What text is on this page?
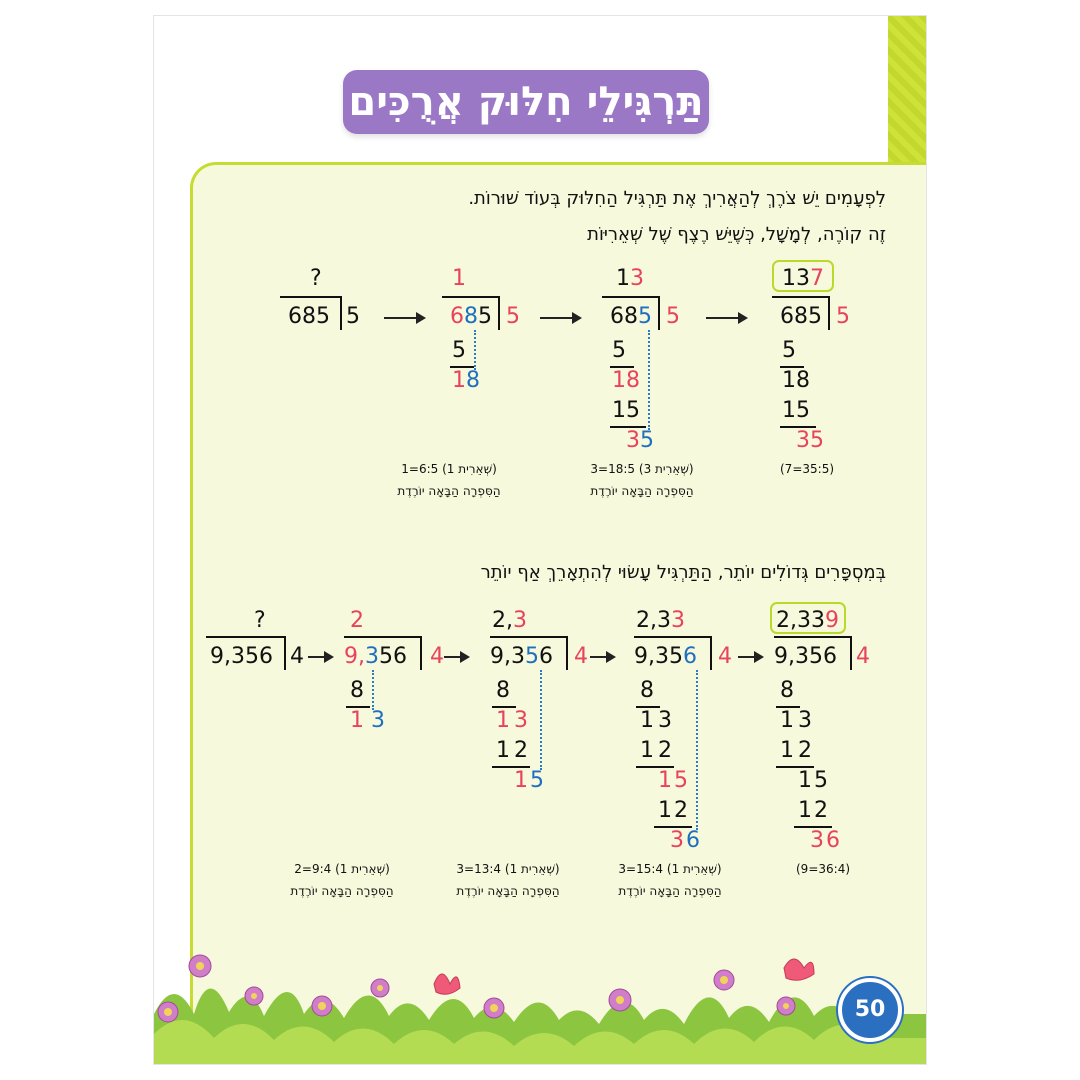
תַּרְגִּילֵי חִלּוּק אֲרֻכִּים
לִפְעָמִים יֵשׁ צֹרֶךְ לְהַאֲרִיךְ אֶת תַּרְגִּיל הַחִלּוּק בְּעוֹד שׁוּרוֹת.
זֶה קוֹרֶה, לְמָשָׁל, כְּשֶׁיֵּשׁ רֶצֶף שֶׁל שְׁאֵרִיּוֹת
?
685 5
1
685 5
5
18
13
685 5
5
18
15
35
137
685 5
5
18
15
35
(שְׁאֵרִית 1) 6:5=1
הַסִּפְרָה הַבָּאָה יוֹרֶדֶת
(שְׁאֵרִית 3) 18:5=3
הַסִּפְרָה הַבָּאָה יוֹרֶדֶת
(35:5=7)
בְּמִסְפָּרִים גְּדוֹלִים יוֹתֵר, הַתַּרְגִּיל עָשׂוּי לְהִתְאָרֵךְ אַף יוֹתֵר
?
9,356 4
2
9,356 4
8
1 3
2,3
9,356 4
8
13
12
15
2,33
9,356 4
8
13
12
15
12
36
2,339
9,356 4
8
13
12
15
12
36
(שְׁאֵרִית 1) 9:4=2
הַסִּפְרָה הַבָּאָה יוֹרֶדֶת
(שְׁאֵרִית 1) 13:4=3
הַסִּפְרָה הַבָּאָה יוֹרֶדֶת
(שְׁאֵרִית 1) 15:4=3
הַסִּפְרָה הַבָּאָה יוֹרֶדֶת
(36:4=9)
50
